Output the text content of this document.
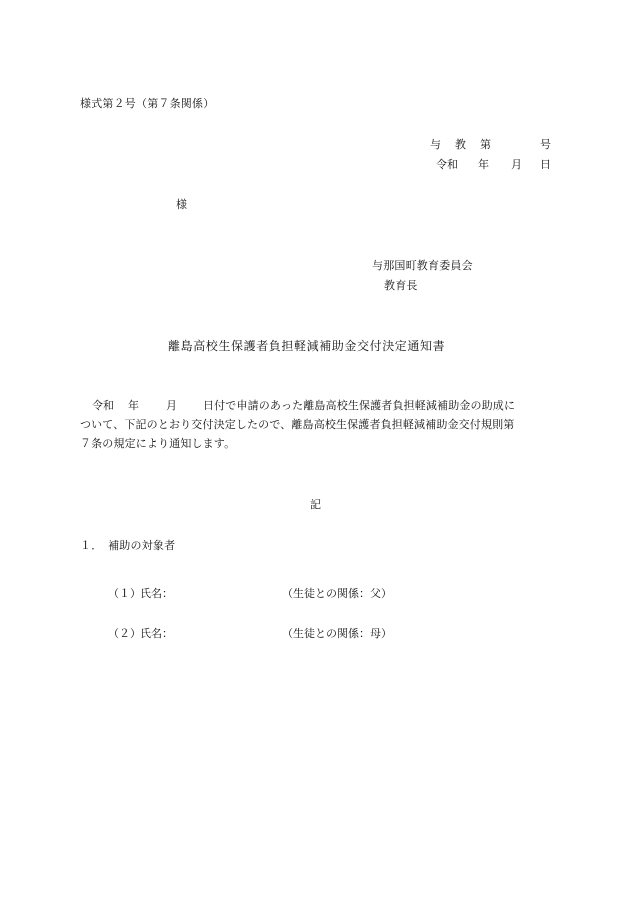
様式第２号（第７条関係）
与 教 第	号
令和 年 月 日
様
与那国町教育委員会
教育長
離島高校生保護者負担軽減補助金交付決定通知書
令和 年 月 日付で申請のあった離島高校生保護者負担軽減補助金の助成に
ついて、下記のとおり交付決定したので、離島高校生保護者負担軽減補助金交付規則第
７条の規定により通知します。
記
１．　補助の対象者
（１） 氏名：	（生徒との関係：父）
（２） 氏名：	（生徒との関係：母）
